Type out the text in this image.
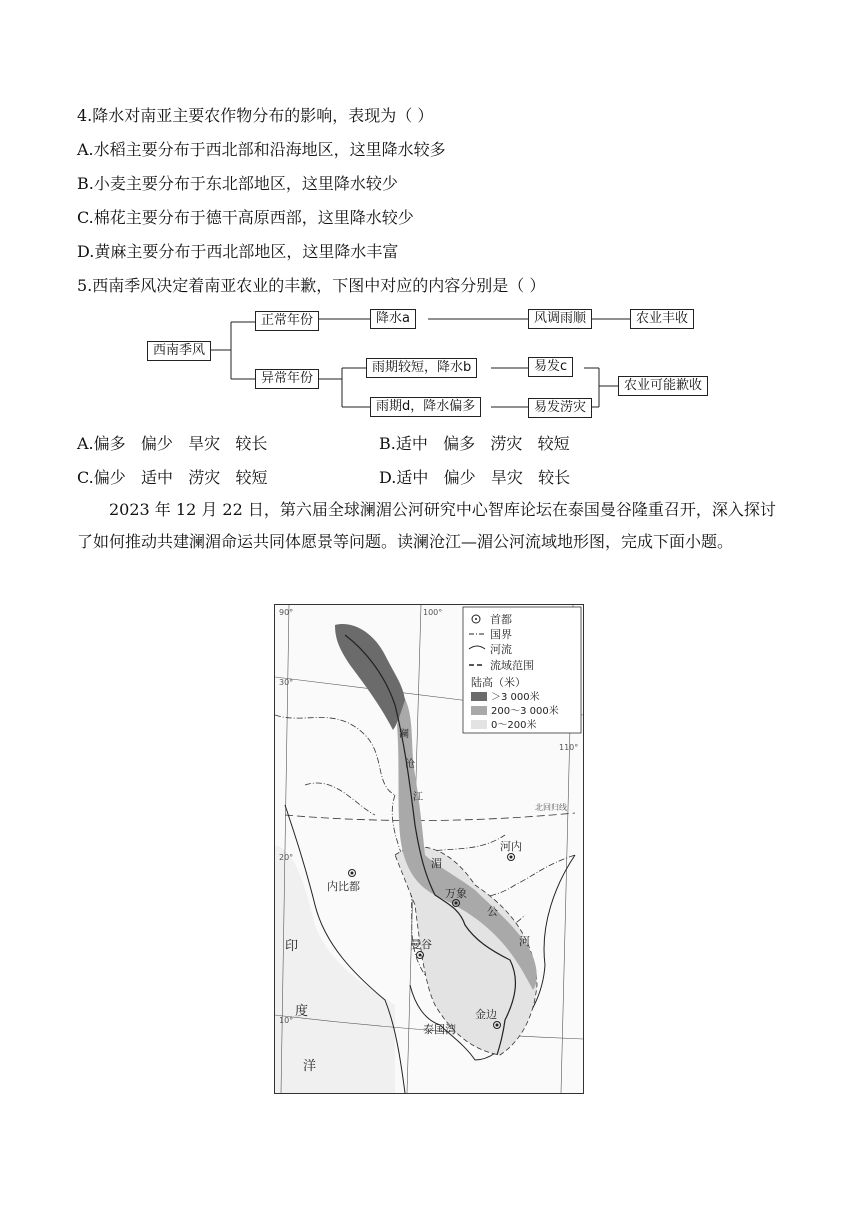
4.降水对南亚主要农作物分布的影响，表现为（ ）
A.水稻主要分布于西北部和沿海地区，这里降水较多
B.小麦主要分布于东北部地区，这里降水较少
C.棉花主要分布于德干高原西部，这里降水较少
D.黄麻主要分布于西北部地区，这里降水丰富
5.西南季风决定着南亚农业的丰歉，下图中对应的内容分别是（ ）
西南季风
正常年份	降水a	风调雨顺	农业丰收
异常年份
雨期较短，降水b	易发c
雨期d，降水偏多	易发涝灾
农业可能歉收
A.偏多   偏少   旱灾   较长	B.适中   偏多   涝灾   较短
C.偏少   适中   涝灾   较短	D.适中   偏少   旱灾   较长
2023 年 12 月 22 日，第六届全球澜湄公河研究中心智库论坛在泰国曼谷隆重召开，深入探讨了如何推动共建澜湄命运共同体愿景等问题。读澜沧江—湄公河流域地形图，完成下面小题。
首都
国界
河流
流域范围
陆高（米）
＞3 000米
200～3 000米
0～200米
90°	100°
110°
30°
20°
10°
北回归线
澜
沧
江
湄
公
河
内比都
河内
万象
曼谷
金边
泰国湾
印
度
洋
